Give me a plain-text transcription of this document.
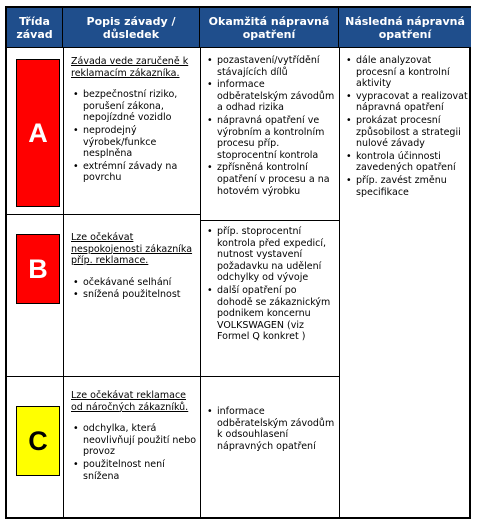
Třída závad
Popis závady / důsledek
Okamžitá nápravná opatření
Následná nápravná opatření
A

Závada vede zaručeně k reklamacím zákazníka.

• bezpečnostní riziko, porušení zákona, nepojízdné vozidlo
• neprodejný výrobek/funkce nesplněna
• extrémní závady na povrchu
B

Lze očekávat nespokojenosti zákazníka příp. reklamace.

• očekávané selhání
• snížená použitelnost
C

Lze očekávat reklamace od náročných zákazníků.

• odchylka, která neovlivňují použití nebo provoz
• použitelnost není snížena
• pozastavení/vytřídění stávajících dílů
• informace odběratelským závodům a odhad rizika
• nápravná opatření ve výrobním a kontrolním procesu příp. stoprocentní kontrola
• zpřísněná kontrolní opatření v procesu a na hotovém výrobku
• příp. stoprocentní kontrola před expedicí, nutnost vystavení požadavku na udělení odchylky od vývoje
• další opatření po dohodě se zákaznickým podnikem koncernu VOLKSWAGEN (viz Formel Q konkret )
• informace odběratelským závodům k odsouhlasení nápravných opatření
• dále analyzovat procesní a kontrolní aktivity
• vypracovat a realizovat nápravná opatření
• prokázat procesní způsobilost a strategii nulové závady
• kontrola účinnosti zavedených opatření
• příp. zavést změnu specifikace
